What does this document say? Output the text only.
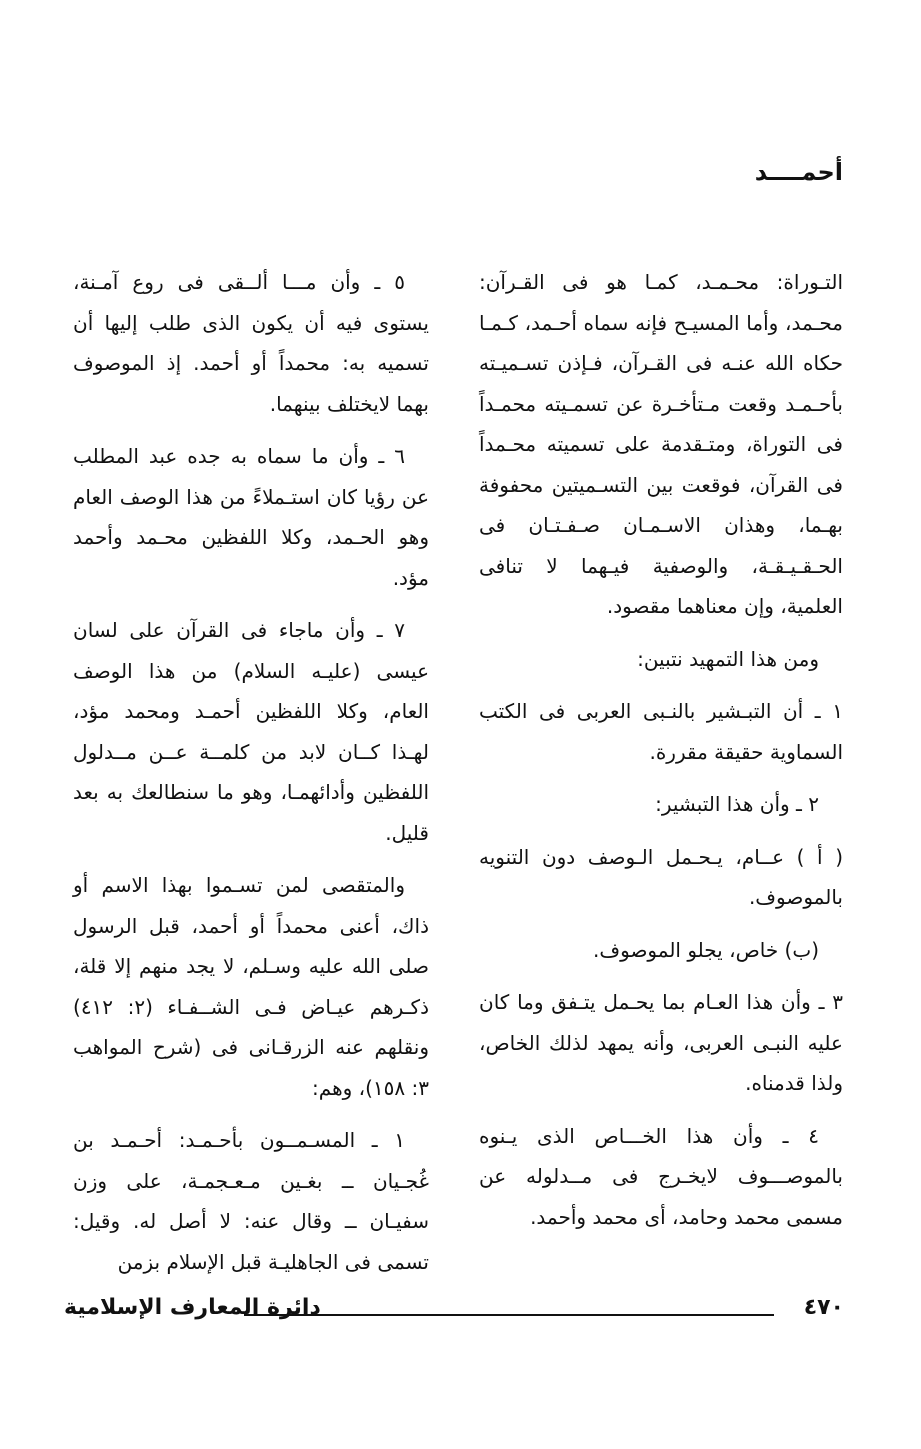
أحمــــد

التـوراة: محـمـد، كمـا هو فى القـرآن: محـمد، وأما المسيـح فإنه سماه أحـمد، كـمـا حكاه الله عنـه فى القـرآن، فـإذن تسـميـته بأحـمـد وقعت مـتأخـرة عن تسمـيته محمـداً فى التوراة، ومتـقدمة على تسميته محـمداً فى القرآن، فوقعت بين التسـميتين محفوفة بهـما، وهذان الاسـمـان صـفـتـان فى الحـقـيـقـة، والوصفية فيـهما لا تنافى العلمية، وإن معناهما مقصود.

ومن هذا التمهيد نتبين:

١ ـ أن التبـشير بالنـبى العربى فى الكتب السماوية حقيقة مقررة.

٢ ـ وأن هذا التبشير:

( أ ) عــام، يـحـمل الـوصف دون التنويه بالموصوف.

(ب) خاص، يجلو الموصوف.

٣ ـ وأن هذا العـام بما يحـمل يتـفق وما كان عليه النبـى العربى، وأنه يمهد لذلك الخاص، ولذا قدمناه.

٤ ـ وأن هذا الخـــاص الذى يـنوه بالموصـــوف لايخـرج فى مــدلوله عن مسمى محمد وحامد، أى محمد وأحمد.

٥ ـ وأن مـــا ألــقى فى روع آمـنة، يستوى فيه أن يكون الذى طلب إليها أن تسميه به: محمداً أو أحمد. إذ الموصوف بهما لايختلف بينهما.

٦ ـ وأن ما سماه به جده عبد المطلب عن رؤيا كان استـملاءً من هذا الوصف العام وهو الحـمد، وكلا اللفظين محـمد وأحمد مؤد.

٧ ـ وأن ماجاء فى القرآن على لسان عيسى (عليـه السلام) من هذا الوصف العام، وكلا اللفظين أحمـد ومحمد مؤد، لهـذا كــان لابد من كلمــة عــن مــدلول اللفظين وأدائهمـا، وهو ما سنطالعك به بعد قليل.

والمتقصى لمن تسـموا بهذا الاسم أو ذاك، أعنى محمداً أو أحمد، قبل الرسول صلى الله عليه وسـلم، لا يجد منهم إلا قلة، ذكـرهم عيـاض فـى الشــفـاء (٢: ٤١٢) ونقلهم عنه الزرقـانى فى (شرح المواهب ٣: ١٥٨)، وهم:

١ ـ المسـمــون بأحـمـد: أحـمـد بن غُجـيان ــ بغـين مـعـجمـة، على وزن سفيـان ــ وقال عنه: لا أصل له. وقيل: تسمى فى الجاهليـة قبل الإسلام بزمن

٤٧٠
دائرة المعارف الإسلامية
